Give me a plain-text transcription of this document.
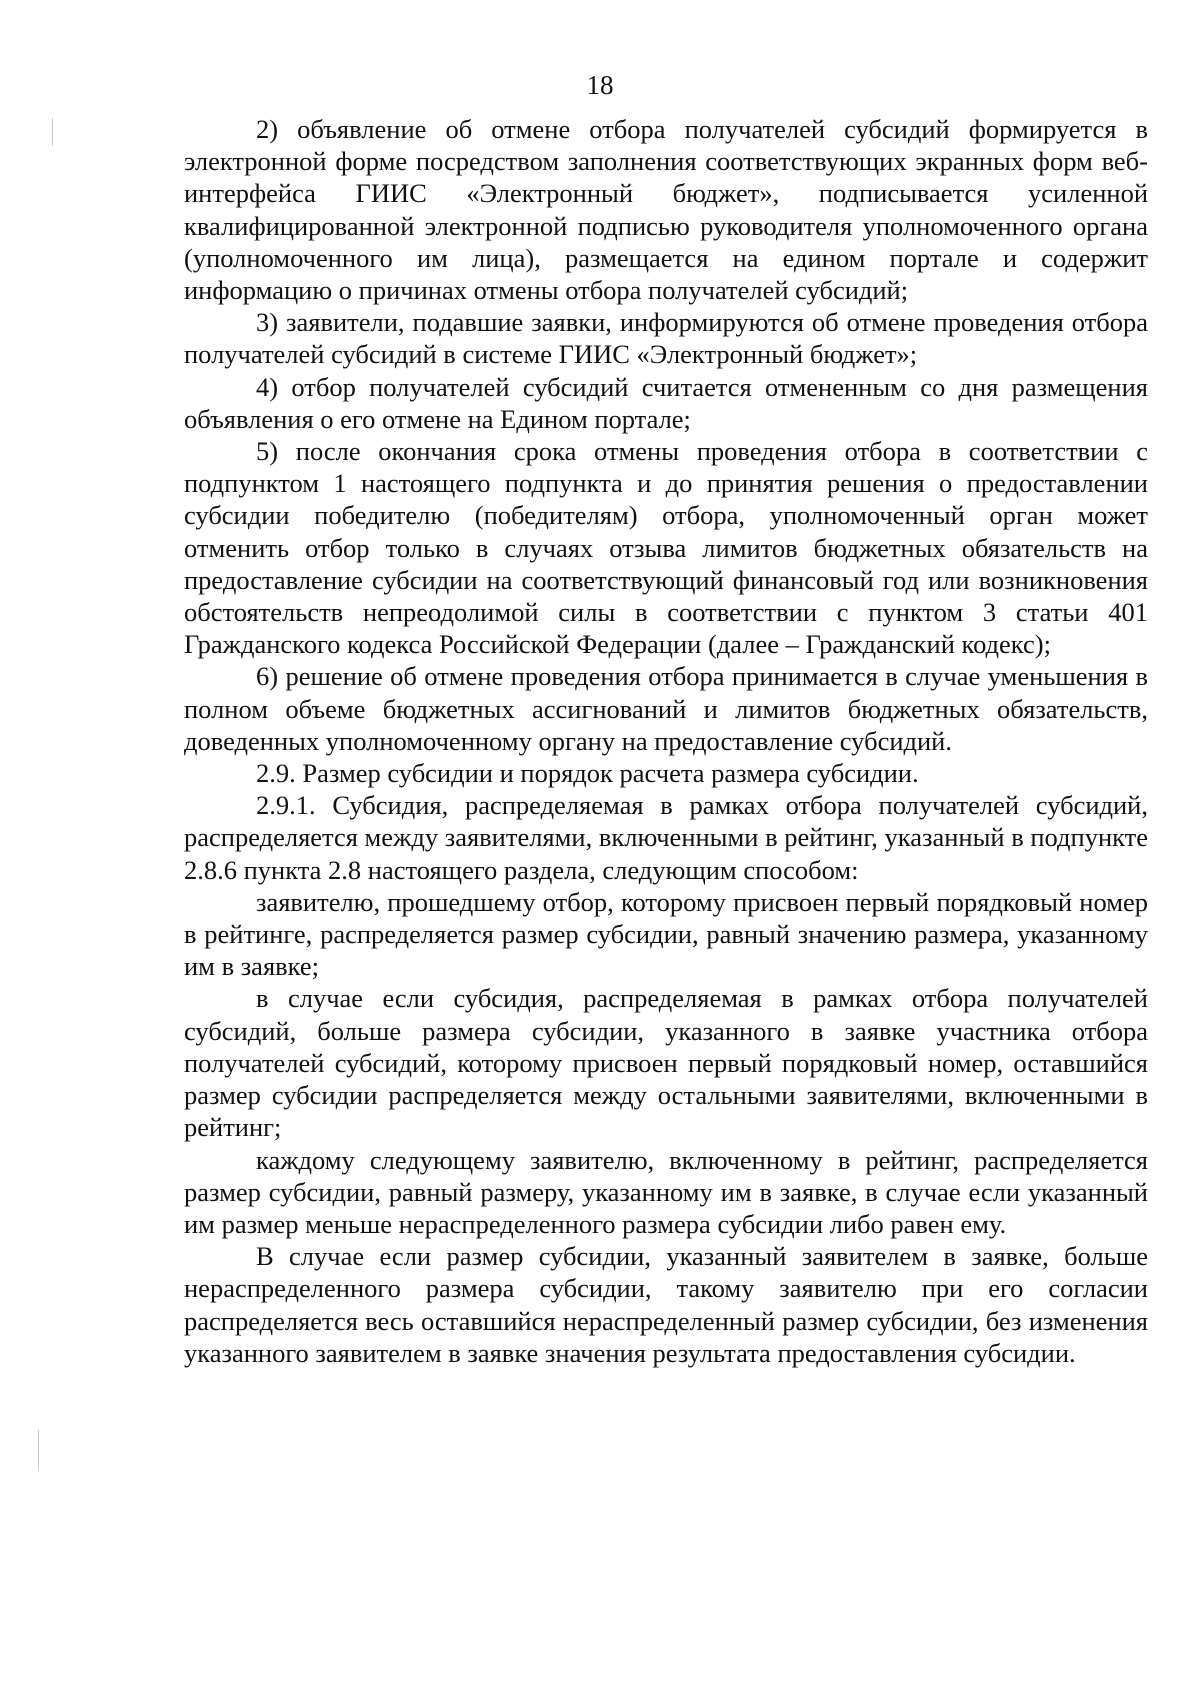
18

2) объявление об отмене отбора получателей субсидий формируется в электронной форме посредством заполнения соответствующих экранных форм веб-интерфейса ГИИС «Электронный бюджет», подписывается усиленной квалифицированной электронной подписью руководителя уполномоченного органа (уполномоченного им лица), размещается на едином портале и содержит информацию о причинах отмены отбора получателей субсидий;

3) заявители, подавшие заявки, информируются об отмене проведения отбора получателей субсидий в системе ГИИС «Электронный бюджет»;

4) отбор получателей субсидий считается отмененным со дня размещения объявления о его отмене на Едином портале;

5) после окончания срока отмены проведения отбора в соответствии с подпунктом 1 настоящего подпункта и до принятия решения о предоставлении субсидии победителю (победителям) отбора, уполномоченный орган может отменить отбор только в случаях отзыва лимитов бюджетных обязательств на предоставление субсидии на соответствующий финансовый год или возникновения обстоятельств непреодолимой силы в соответствии с пунктом 3 статьи 401 Гражданского кодекса Российской Федерации (далее – Гражданский кодекс);

6) решение об отмене проведения отбора принимается в случае уменьшения в полном объеме бюджетных ассигнований и лимитов бюджетных обязательств, доведенных уполномоченному органу на предоставление субсидий.

2.9. Размер субсидии и порядок расчета размера субсидии.

2.9.1. Субсидия, распределяемая в рамках отбора получателей субсидий, распределяется между заявителями, включенными в рейтинг, указанный в подпункте 2.8.6 пункта 2.8 настоящего раздела, следующим способом:

заявителю, прошедшему отбор, которому присвоен первый порядковый номер в рейтинге, распределяется размер субсидии, равный значению размера, указанному им в заявке;

в случае если субсидия, распределяемая в рамках отбора получателей субсидий, больше размера субсидии, указанного в заявке участника отбора получателей субсидий, которому присвоен первый порядковый номер, оставшийся размер субсидии распределяется между остальными заявителями, включенными в рейтинг;

каждому следующему заявителю, включенному в рейтинг, распределяется размер субсидии, равный размеру, указанному им в заявке, в случае если указанный им размер меньше нераспределенного размера субсидии либо равен ему.

В случае если размер субсидии, указанный заявителем в заявке, больше нераспределенного размера субсидии, такому заявителю при его согласии распределяется весь оставшийся нераспределенный размер субсидии, без изменения указанного заявителем в заявке значения результата предоставления субсидии.
